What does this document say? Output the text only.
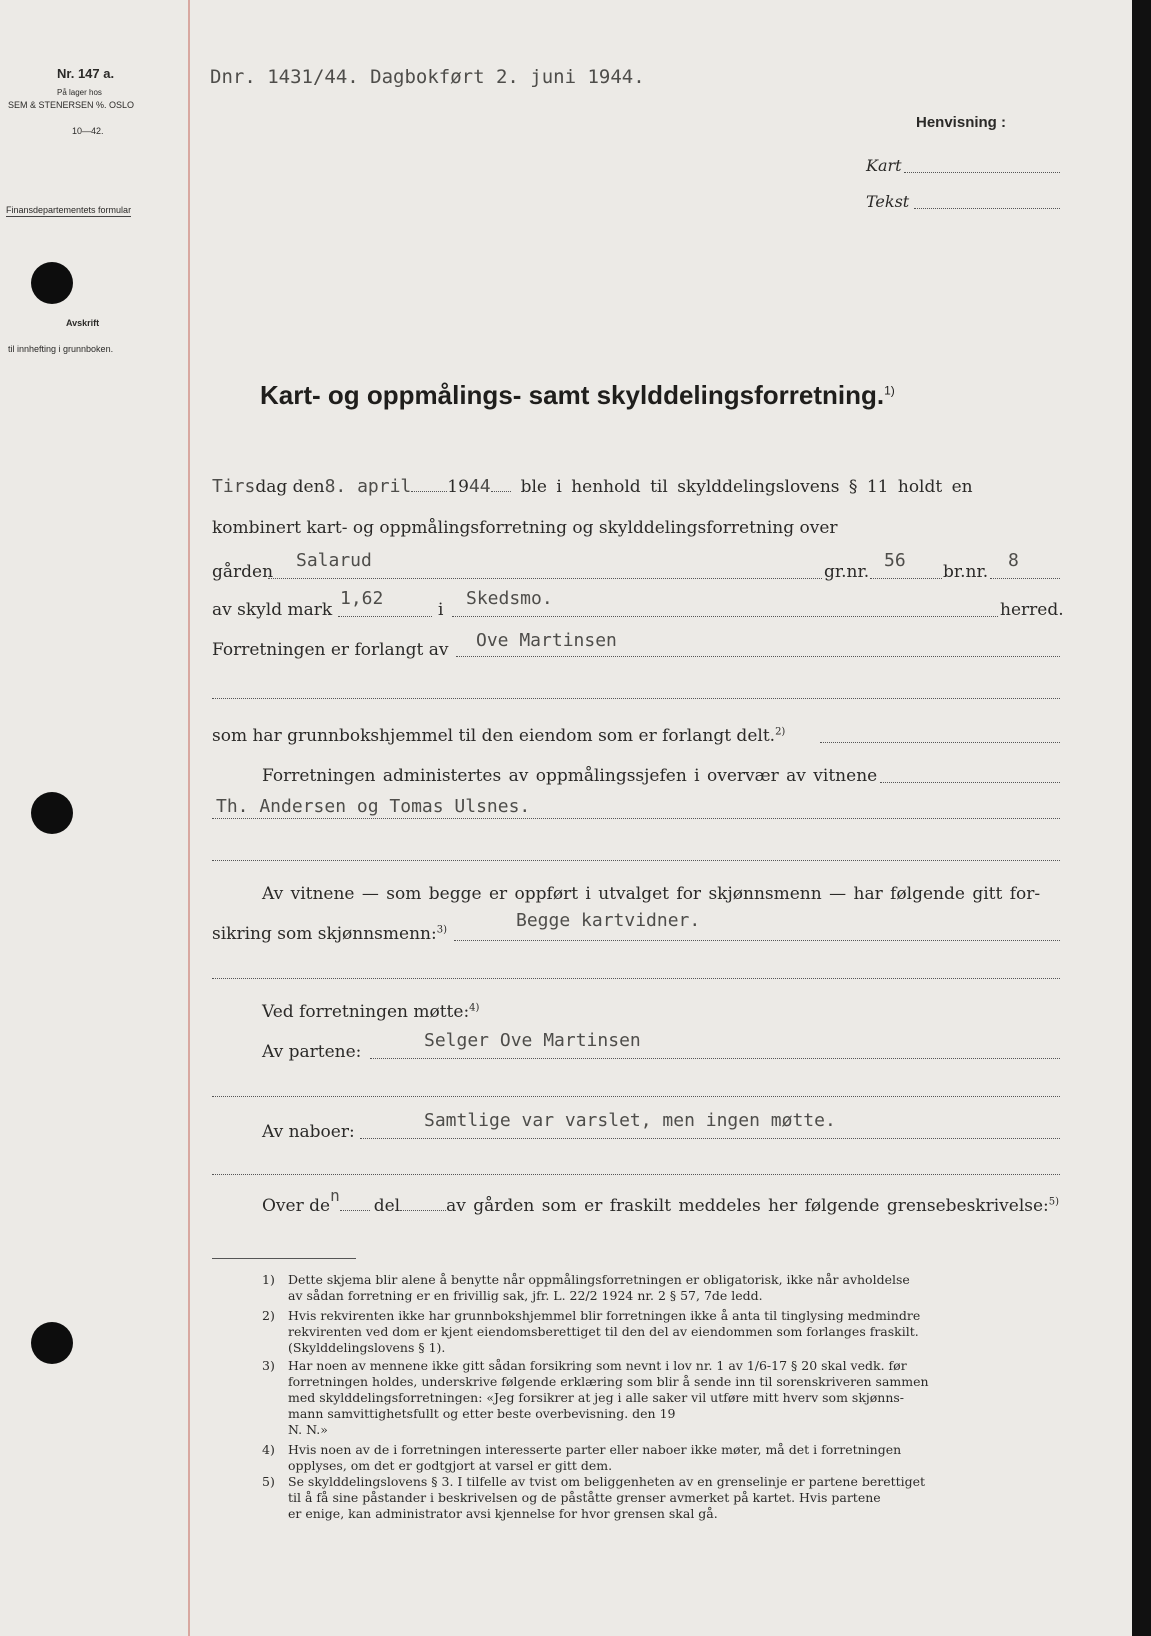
Nr. 147 a.
På lager hos
SEM & STENERSEN %. OSLO
10—42.
Finansdepartementets formular
Avskrift
til innhefting i grunnboken.
Dnr. 1431/44. Dagbokført 2. juni 1944.
Henvisning :
Kart
Tekst
Kart- og oppmålings- samt skylddelingsforretning.$^{1)}$
Tirsdag den8. april 1944 ble i henhold til skylddelingslovens § 11 holdt en
kombinert kart- og oppmålingsforretning og skylddelingsforretning over
gården
Salarud
gr.nr.
56
br.nr.
8
av skyld mark
1,62
i
Skedsmo.
herred.
Forretningen er forlangt av Ove Martinsen
som har grunnbokshjemmel til den eiendom som er forlangt delt.$^{2)}$
Forretningen administertes av oppmålingssjefen i overvær av vitnene
Th. Andersen og Tomas Ulsnes.
Av vitnene — som begge er oppført i utvalget for skjønnsmenn — har følgende gitt for-
sikring som skjønnsmenn:$^{3)}$	Begge kartvidner.
Ved forretningen møtte:$^{4)}$
Av partene:
Selger Ove Martinsen
Av naboer:
Samtlige var varslet, men ingen møtte.
Over dendel	av gården som er fraskilt meddeles her følgende grensebeskrivelse:$^{5)}$
1) Dette skjema blir alene å benytte når oppmålingsforretningen er obligatorisk, ikke når avholdelse
av sådan forretning er en frivillig sak, jfr. L. 22/2 1924 nr. 2 § 57, 7de ledd.
2) Hvis rekvirenten ikke har grunnbokshjemmel blir forretningen ikke å anta til tinglysing medmindre
rekvirenten ved dom er kjent eiendomsberettiget til den del av eiendommen som forlanges fraskilt.
(Skylddelingslovens § 1).
3) Har noen av mennene ikke gitt sådan forsikring som nevnt i lov nr. 1 av 1/6-17 § 20 skal vedk. før
forretningen holdes, underskrive følgende erklæring som blir å sende inn til sorenskriveren sammen
med skylddelingsforretningen: «Jeg forsikrer at jeg i alle saker vil utføre mitt hverv som skjønns-
mann samvittighetsfullt og etter beste overbevisning. den 19
N. N.»
4) Hvis noen av de i forretningen interesserte parter eller naboer ikke møter, må det i forretningen
opplyses, om det er godtgjort at varsel er gitt dem.
5) Se skylddelingslovens § 3. I tilfelle av tvist om beliggenheten av en grenselinje er partene berettiget
til å få sine påstander i beskrivelsen og de påståtte grenser avmerket på kartet. Hvis partene
er enige, kan administrator avsi kjennelse for hvor grensen skal gå.
